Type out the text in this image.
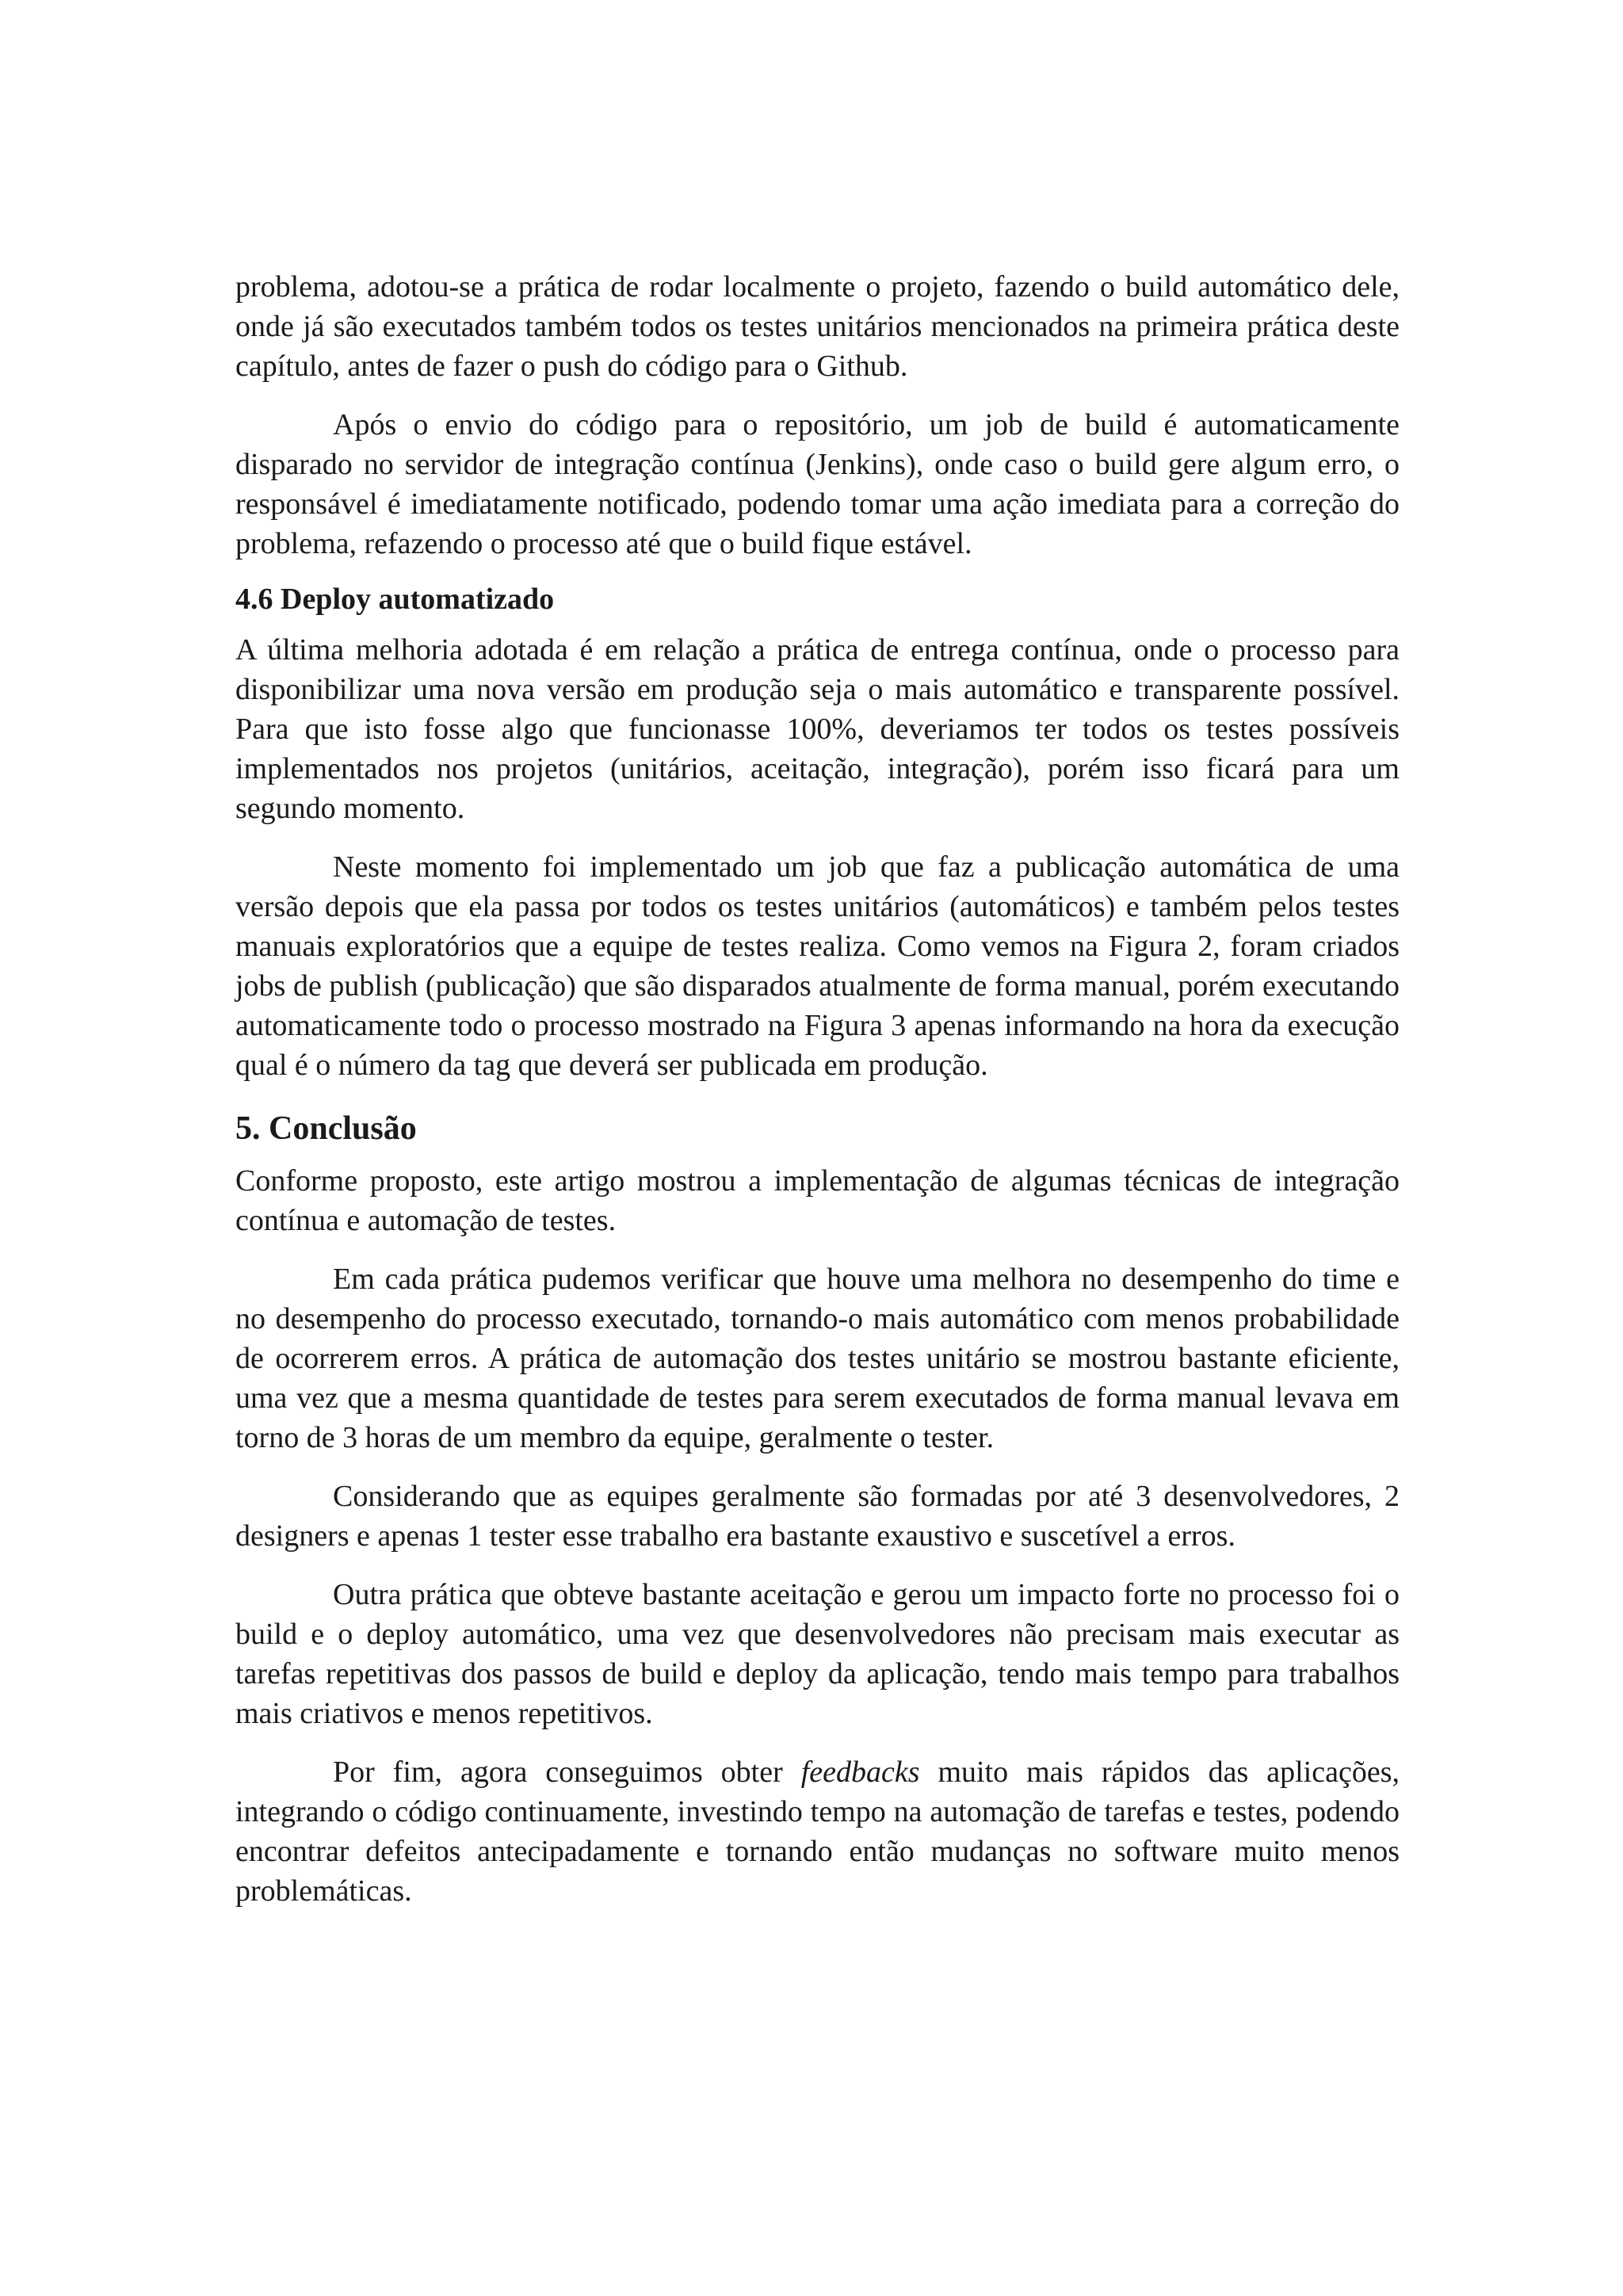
problema, adotou-se a prática de rodar localmente o projeto, fazendo o build automático dele, onde já são executados também todos os testes unitários mencionados na primeira prática deste capítulo, antes de fazer o push do código para o Github.

Após o envio do código para o repositório, um job de build é automaticamente disparado no servidor de integração contínua (Jenkins), onde caso o build gere algum erro, o responsável é imediatamente notificado, podendo tomar uma ação imediata para a correção do problema, refazendo o processo até que o build fique estável.

4.6 Deploy automatizado

A última melhoria adotada é em relação a prática de entrega contínua, onde o processo para disponibilizar uma nova versão em produção seja o mais automático e transparente possível. Para que isto fosse algo que funcionasse 100%, deveriamos ter todos os testes possíveis implementados nos projetos (unitários, aceitação, integração), porém isso ficará para um segundo momento.

Neste momento foi implementado um job que faz a publicação automática de uma versão depois que ela passa por todos os testes unitários (automáticos) e também pelos testes manuais exploratórios que a equipe de testes realiza. Como vemos na Figura 2, foram criados jobs de publish (publicação) que são disparados atualmente de forma manual, porém executando automaticamente todo o processo mostrado na Figura 3 apenas informando na hora da execução qual é o número da tag que deverá ser publicada em produção.

5. Conclusão

Conforme proposto, este artigo mostrou a implementação de algumas técnicas de integração contínua e automação de testes.

Em cada prática pudemos verificar que houve uma melhora no desempenho do time e no desempenho do processo executado, tornando-o mais automático com menos probabilidade de ocorrerem erros. A prática de automação dos testes unitário se mostrou bastante eficiente, uma vez que a mesma quantidade de testes para serem executados de forma manual levava em torno de 3 horas de um membro da equipe, geralmente o tester.

Considerando que as equipes geralmente são formadas por até 3 desenvolvedores, 2 designers e apenas 1 tester esse trabalho era bastante exaustivo e suscetível a erros.

Outra prática que obteve bastante aceitação e gerou um impacto forte no processo foi o build e o deploy automático, uma vez que desenvolvedores não precisam mais executar as tarefas repetitivas dos passos de build e deploy da aplicação, tendo mais tempo para trabalhos mais criativos e menos repetitivos.

Por fim, agora conseguimos obter feedbacks muito mais rápidos das aplicações, integrando o código continuamente, investindo tempo na automação de tarefas e testes, podendo encontrar defeitos antecipadamente e tornando então mudanças no software muito menos problemáticas.
